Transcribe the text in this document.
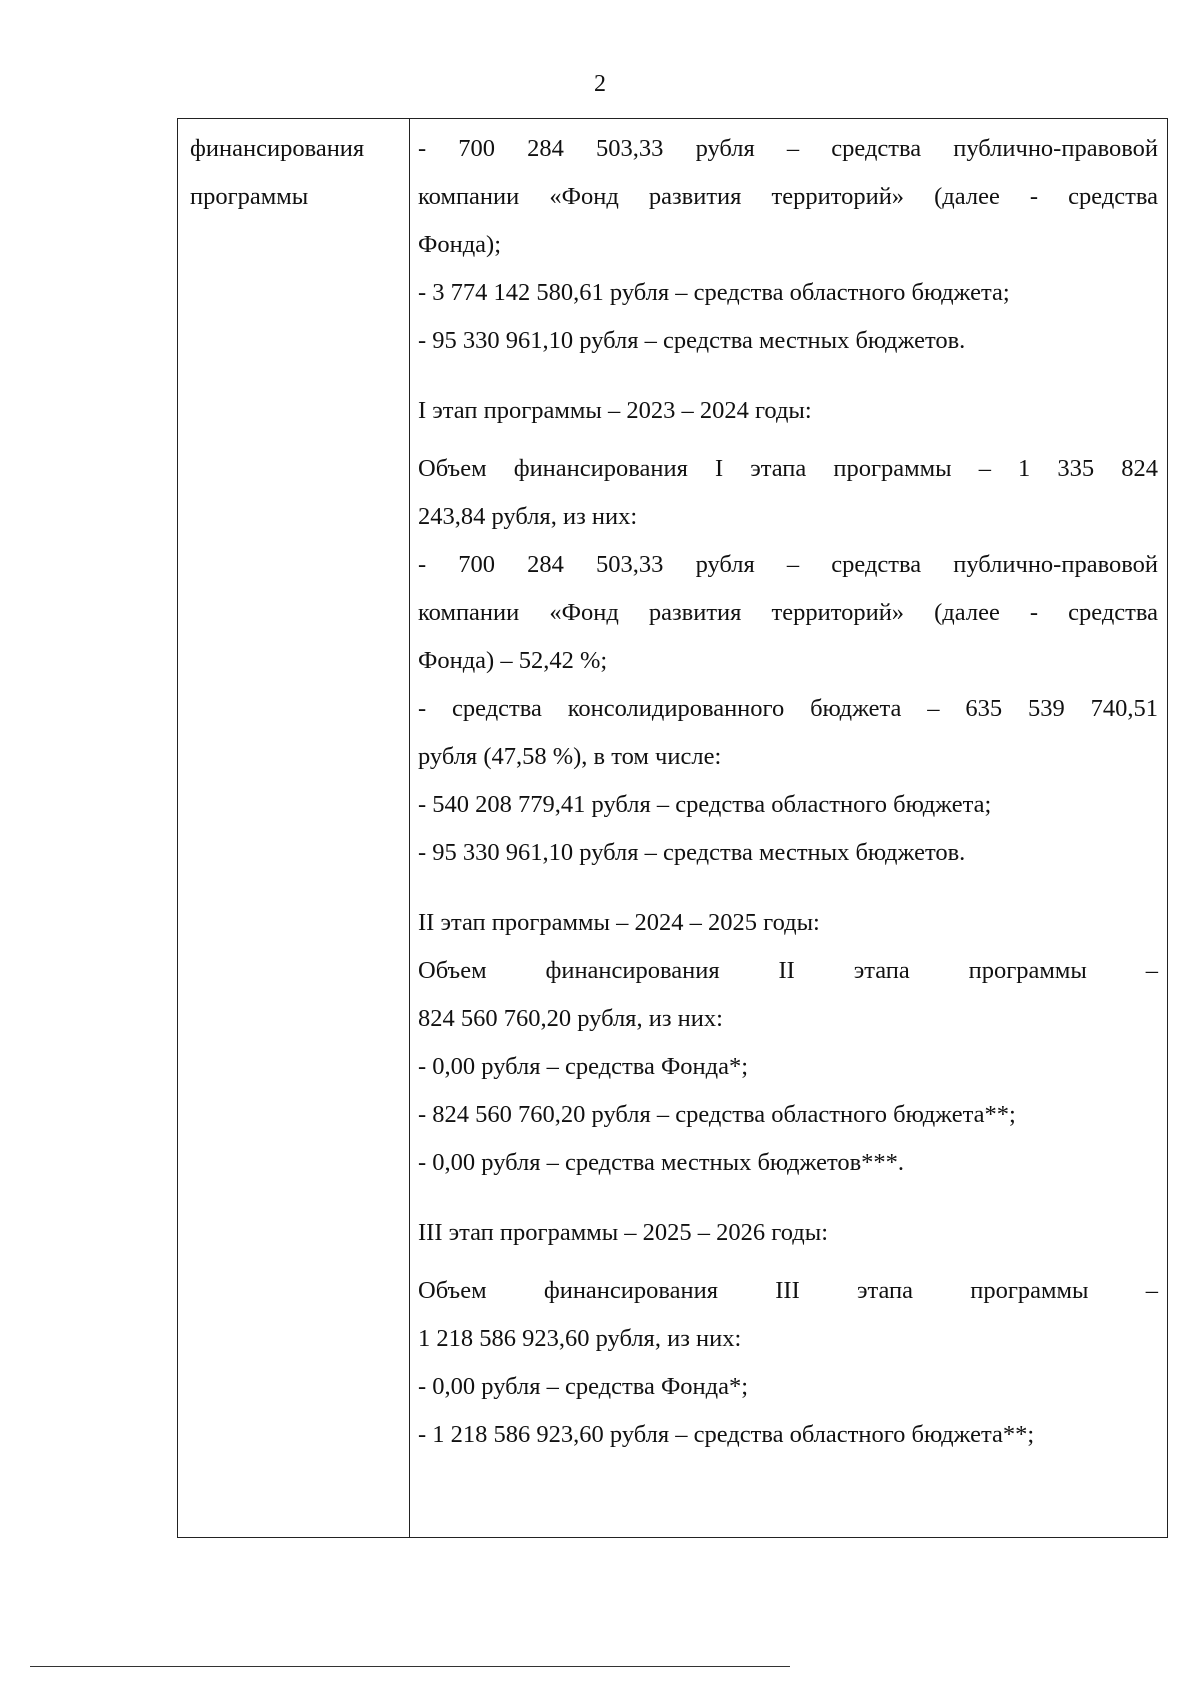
2
финансирования
программы
- 700 284 503,33 рубля – средства публично-правовой
компании «Фонд развития территорий» (далее - средства
Фонда);
- 3 774 142 580,61 рубля – средства областного бюджета;
- 95 330 961,10 рубля – средства местных бюджетов.
I этап программы – 2023 – 2024 годы:
Объем финансирования I этапа программы – 1 335 824
243,84 рубля, из них:
- 700 284 503,33 рубля – средства публично-правовой
компании «Фонд развития территорий» (далее - средства
Фонда) – 52,42 %;
- средства консолидированного бюджета – 635 539 740,51
рубля (47,58 %), в том числе:
- 540 208 779,41 рубля – средства областного бюджета;
- 95 330 961,10 рубля – средства местных бюджетов.
II этап программы – 2024 – 2025 годы:
Объем финансирования II этапа программы –
824 560 760,20 рубля, из них:
- 0,00 рубля – средства Фонда*;
- 824 560 760,20 рубля – средства областного бюджета**;
- 0,00 рубля – средства местных бюджетов***.
III этап программы – 2025 – 2026 годы:
Объем финансирования III этапа программы –
1 218 586 923,60 рубля, из них:
- 0,00 рубля – средства Фонда*;
- 1 218 586 923,60 рубля – средства областного бюджета**;
